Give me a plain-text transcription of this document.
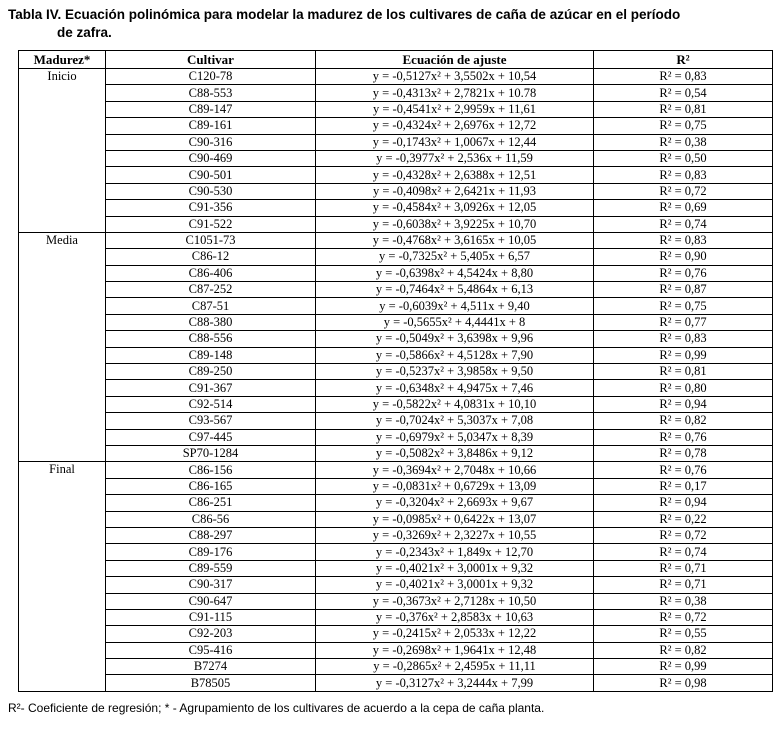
Tabla IV. Ecuación polinómica para modelar la madurez de los cultivares de caña de azúcar en el período
de zafra.
Madurez*	Cultivar	Ecuación de ajuste	R²
Inicio	C120-78	y = -0,5127x² + 3,5502x + 10,54	R² = 0,83
	C88-553	y = -0,4313x² + 2,7821x + 10.78	R² = 0,54
	C89-147	y = -0,4541x² + 2,9959x + 11,61	R² = 0,81
	C89-161	y = -0,4324x² + 2,6976x + 12,72	R² = 0,75
	C90-316	y = -0,1743x² + 1,0067x + 12,44	R² = 0,38
	C90-469	y = -0,3977x² + 2,536x + 11,59	R² = 0,50
	C90-501	y = -0,4328x² + 2,6388x + 12,51	R² = 0,83
	C90-530	y = -0,4098x² + 2,6421x + 11,93	R² = 0,72
	C91-356	y = -0,4584x² + 3,0926x + 12,05	R² = 0,69
	C91-522	y = -0,6038x² + 3,9225x + 10,70	R² = 0,74
Media	C1051-73	y = -0,4768x² + 3,6165x + 10,05	R² = 0,83
	C86-12	y = -0,7325x² + 5,405x + 6,57	R² = 0,90
	C86-406	y = -0,6398x² + 4,5424x + 8,80	R² = 0,76
	C87-252	y = -0,7464x² + 5,4864x + 6,13	R² = 0,87
	C87-51	y = -0,6039x² + 4,511x + 9,40	R² = 0,75
	C88-380	y = -0,5655x² + 4,4441x + 8	R² = 0,77
	C88-556	y = -0,5049x² + 3,6398x + 9,96	R² = 0,83
	C89-148	y = -0,5866x² + 4,5128x + 7,90	R² = 0,99
	C89-250	y = -0,5237x² + 3,9858x + 9,50	R² = 0,81
	C91-367	y = -0,6348x² + 4,9475x + 7,46	R² = 0,80
	C92-514	y = -0,5822x² + 4,0831x + 10,10	R² = 0,94
	C93-567	y = -0,7024x² + 5,3037x + 7,08	R² = 0,82
	C97-445	y = -0,6979x² + 5,0347x + 8,39	R² = 0,76
	SP70-1284	y = -0,5082x² + 3,8486x + 9,12	R² = 0,78
Final	C86-156	y = -0,3694x² + 2,7048x + 10,66	R² = 0,76
	C86-165	y = -0,0831x² + 0,6729x + 13,09	R² = 0,17
	C86-251	y = -0,3204x² + 2,6693x + 9,67	R² = 0,94
	C86-56	y = -0,0985x² + 0,6422x + 13,07	R² = 0,22
	C88-297	y = -0,3269x² + 2,3227x + 10,55	R² = 0,72
	C89-176	y = -0,2343x² + 1,849x + 12,70	R² = 0,74
	C89-559	y = -0,4021x² + 3,0001x + 9,32	R² = 0,71
	C90-317	y = -0,4021x² + 3,0001x + 9,32	R² = 0,71
	C90-647	y = -0,3673x² + 2,7128x + 10,50	R² = 0,38
	C91-115	y = -0,376x² + 2,8583x + 10,63	R² = 0,72
	C92-203	y = -0,2415x² + 2,0533x + 12,22	R² = 0,55
	C95-416	y = -0,2698x² + 1,9641x + 12,48	R² = 0,82
	B7274	y = -0,2865x² + 2,4595x + 11,11	R² = 0,99
	B78505	y = -0,3127x² + 3,2444x + 7,99	R² = 0,98
R²- Coeficiente de regresión; * - Agrupamiento de los cultivares de acuerdo a la cepa de caña planta.
